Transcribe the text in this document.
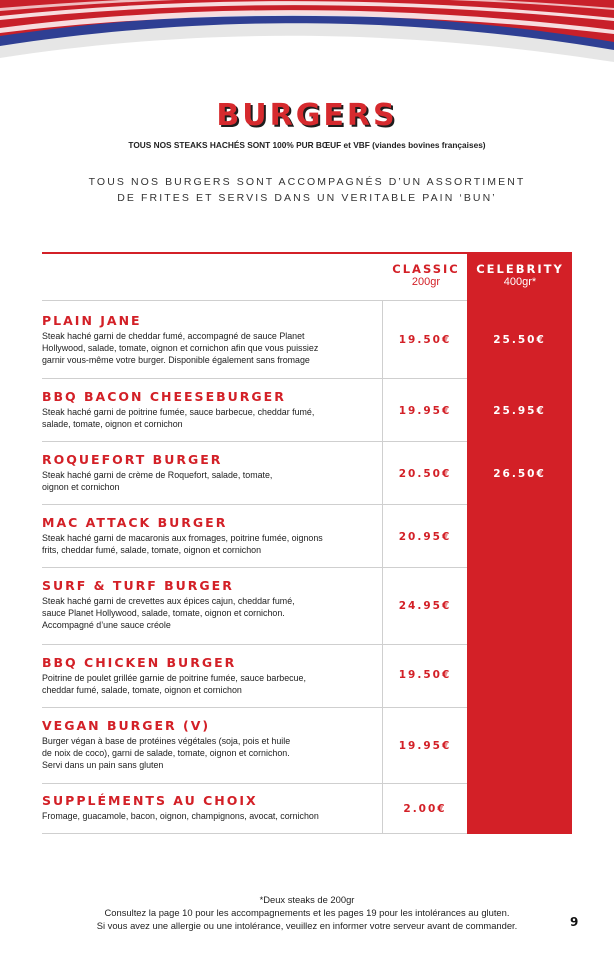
BURGERS
TOUS NOS STEAKS HACHÉS SONT 100% PUR BŒUF et VBF (viandes bovines françaises)
TOUS NOS BURGERS SONT ACCOMPAGNÉS D’UN ASSORTIMENT
DE FRITES ET SERVIS DANS UN VERITABLE PAIN ‘BUN’
CLASSIC
200gr
CELEBRITY
400gr*
PLAIN JANE
Steak haché garni de cheddar fumé, accompagné de sauce Planet
Hollywood, salade, tomate, oignon et cornichon afin que vous puissiez
garnir vous-même votre burger. Disponible également sans fromage
19.50€	25.50€
BBQ BACON CHEESEBURGER
Steak haché garni de poitrine fumée, sauce barbecue, cheddar fumé,
salade, tomate, oignon et cornichon
19.95€	25.95€
ROQUEFORT BURGER
Steak haché garni de crème de Roquefort, salade, tomate,
oignon et cornichon
20.50€	26.50€
MAC ATTACK BURGER
Steak haché garni de macaronis aux fromages, poitrine fumée, oignons
frits, cheddar fumé, salade, tomate, oignon et cornichon
20.95€
SURF & TURF BURGER
Steak haché garni de crevettes aux épices cajun, cheddar fumé,
sauce Planet Hollywood, salade, tomate, oignon et cornichon.
Accompagné d’une sauce créole
24.95€
BBQ CHICKEN BURGER
Poitrine de poulet grillée garnie de poitrine fumée, sauce barbecue,
cheddar fumé, salade, tomate, oignon et cornichon
19.50€
VEGAN BURGER (V)
Burger végan à base de protéines végétales (soja, pois et huile
de noix de coco), garni de salade, tomate, oignon et cornichon.
Servi dans un pain sans gluten
19.95€
SUPPLÉMENTS AU CHOIX
Fromage, guacamole, bacon, oignon, champignons, avocat, cornichon
2.00€
*Deux steaks de 200gr
Consultez la page 10 pour les accompagnements et les pages 19 pour les intolérances au gluten.
Si vous avez une allergie ou une intolérance, veuillez en informer votre serveur avant de commander.	9
